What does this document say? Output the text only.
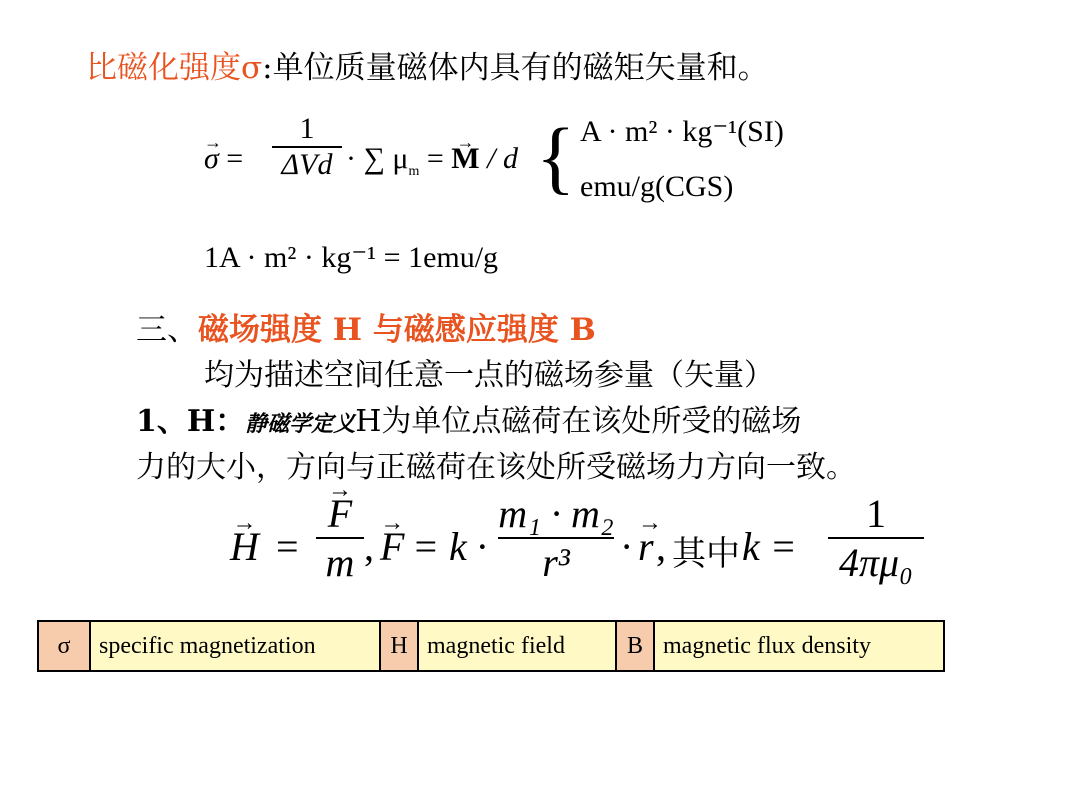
比磁化强度σ:单位质量磁体内具有的磁矩矢量和。
→ σ =
1
ΔVd · ∑ $\mu_m$ = → M / d { A · m² · kg⁻¹(SI)
emu/g(CGS)
1A · m² · kg⁻¹ = 1emu/g
三、磁场强度 H 与磁感应强度 B
均为描述空间任意一点的磁场参量（矢量）
1、H：静磁学定义H为单位点磁荷在该处所受的磁场
力的大小，方向与正磁荷在该处所受磁场力方向一致。
→ H =
→ F
m , → F = k ·
m₁ · m₂
r³	· → r , 其中 k =
1
4πμ₀
σ	specific magnetization	H	magnetic field	B	magnetic flux density
